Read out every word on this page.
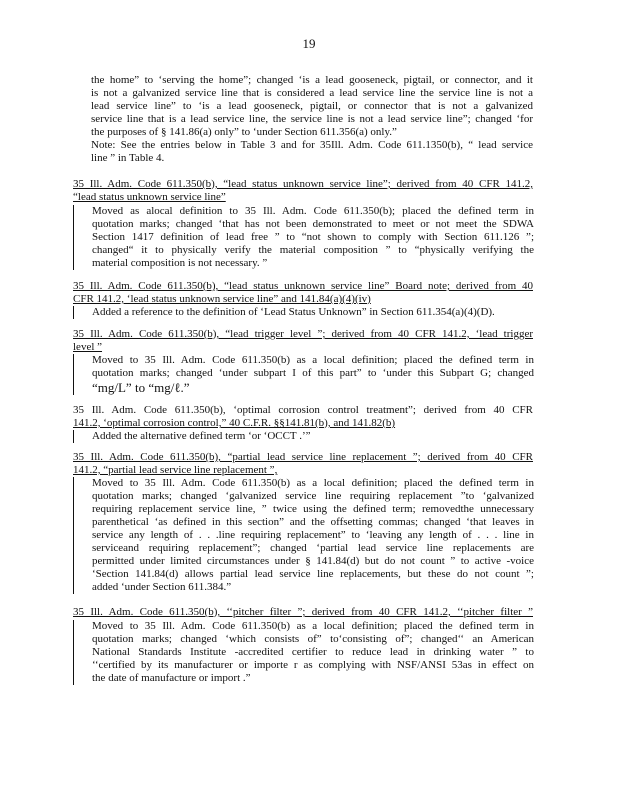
19
the home” to ‘serving the home”; changed ‘is a lead gooseneck, pigtail, or connector, and it
is not a galvanized service line that is considered a lead service line the service line is not a
lead service line” to ‘is a lead gooseneck, pigtail, or connector that is not a galvanized
service line that is a lead service line, the service line is not a lead service line”; changed ‘for
the purposes of § 141.86(a) only” to ‘under Section 611.356(a) only.”
Note: See the entries below in Table 3 and for 35Ill. Adm. Code 611.1350(b), “ lead service
line ” in Table 4.
35 Ill. Adm. Code 611.350(b), “lead status unknown service line”; derived from 40 CFR 141.2,
“lead status unknown service line”
Moved as alocal definition to 35 Ill. Adm. Code 611.350(b); placed the defined term in
quotation marks; changed ‘that has not been demonstrated to meet or not meet the SDWA
Section 1417 definition of lead free ” to “not shown to comply with Section 611.126 ”;
changed“ it to physically verify the material composition ” to “physically verifying the
material composition is not necessary. ”
35 Ill. Adm. Code 611.350(b), “lead status unknown service line” Board note; derived from 40
CFR 141.2, ‘lead status unknown service line” and 141.84(a)(4)(iv)
Added a reference to the definition of ‘Lead Status Unknown” in Section 611.354(a)(4)(D).
35 Ill. Adm. Code 611.350(b), “lead trigger level ”; derived from 40 CFR 141.2, ‘lead trigger
level ”
Moved to 35 Ill. Adm. Code 611.350(b) as a local definition; placed the defined term in
quotation marks; changed ‘under subpart I of this part” to ‘under this Subpart G; changed
“mg/L” to “mg/ℓ.”
35 Ill. Adm. Code 611.350(b), ‘optimal corrosion control treatment”; derived from 40 CFR
141.2, ‘optimal corrosion control,” 40 C.F.R. §§141.81(b), and 141.82(b)
Added the alternative defined term ‘or ‘OCCT .’”
35 Ill. Adm. Code 611.350(b), “partial lead service line replacement ”; derived from 40 CFR
141.2, “partial lead service line replacement ”,
Moved to 35 Ill. Adm. Code 611.350(b) as a local definition; placed the defined term in
quotation marks; changed ‘galvanized service line requiring replacement ”to ‘galvanized
requiring replacement service line, ” twice using the defined term; removedthe unnecessary
parenthetical ‘as defined in this section” and the offsetting commas; changed ‘that leaves in
service any length of . . .line requiring replacement” to ‘leaving any length of . . . line in
serviceand requiring replacement”; changed ‘partial lead service line replacements are
permitted under limited circumstances under § 141.84(d) but do not count ” to active -voice
‘Section 141.84(d) allows partial lead service line replacements, but these do not count ”;
added ‘under Section 611.384.”
35 Ill. Adm. Code 611.350(b), ‘‘pitcher filter ”; derived from 40 CFR 141.2, ‘‘pitcher filter ”
Moved to 35 Ill. Adm. Code 611.350(b) as a local definition; placed the defined term in
quotation marks; changed ‘which consists of” to‘consisting of”; changed‘‘ an American
National Standards Institute -accredited certifier to reduce lead in drinking water ” to
‘‘certified by its manufacturer or importe r as complying with NSF/ANSI 53as in effect on
the date of manufacture or import .”
